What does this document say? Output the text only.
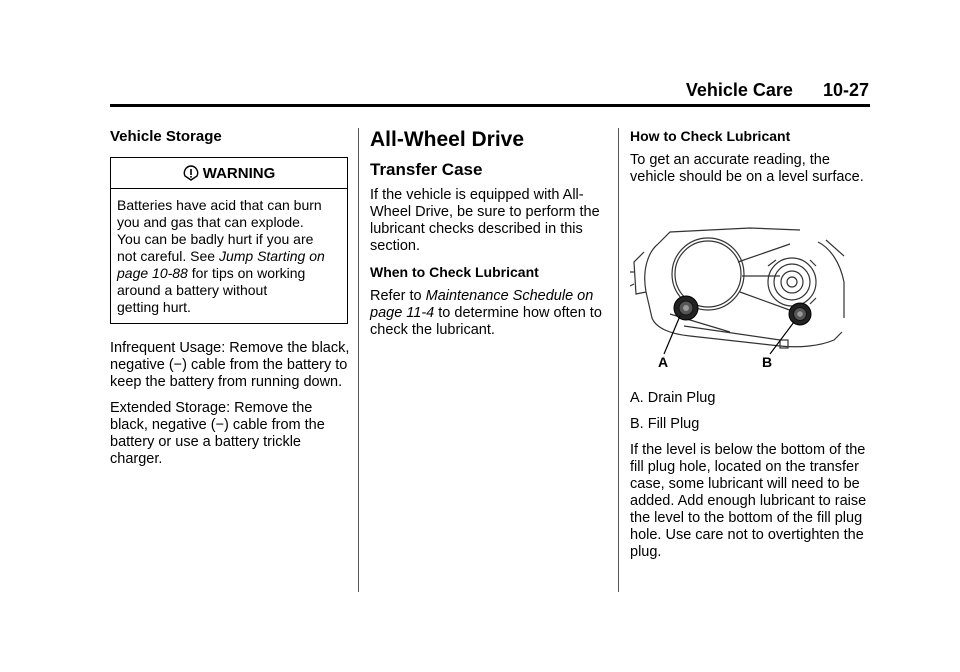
Vehicle Care 10-27
Vehicle Storage
WARNING
Batteries have acid that can burn
you and gas that can explode.
You can be badly hurt if you are
not careful. See Jump Starting on
page 10-88 for tips on working
around a battery without
getting hurt.

Infrequent Usage: Remove the black, negative (−) cable from the battery to keep the battery from running down.

Extended Storage: Remove the black, negative (−) cable from the battery or use a battery trickle charger.

All-Wheel Drive
Transfer Case

If the vehicle is equipped with All-Wheel Drive, be sure to perform the lubricant checks described in this section.

When to Check Lubricant

Refer to Maintenance Schedule on page 11-4 to determine how often to check the lubricant.

How to Check Lubricant

To get an accurate reading, the vehicle should be on a level surface.

A	B

A. Drain Plug

B. Fill Plug

If the level is below the bottom of the fill plug hole, located on the transfer case, some lubricant will need to be added. Add enough lubricant to raise the level to the bottom of the fill plug hole. Use care not to overtighten the plug.
